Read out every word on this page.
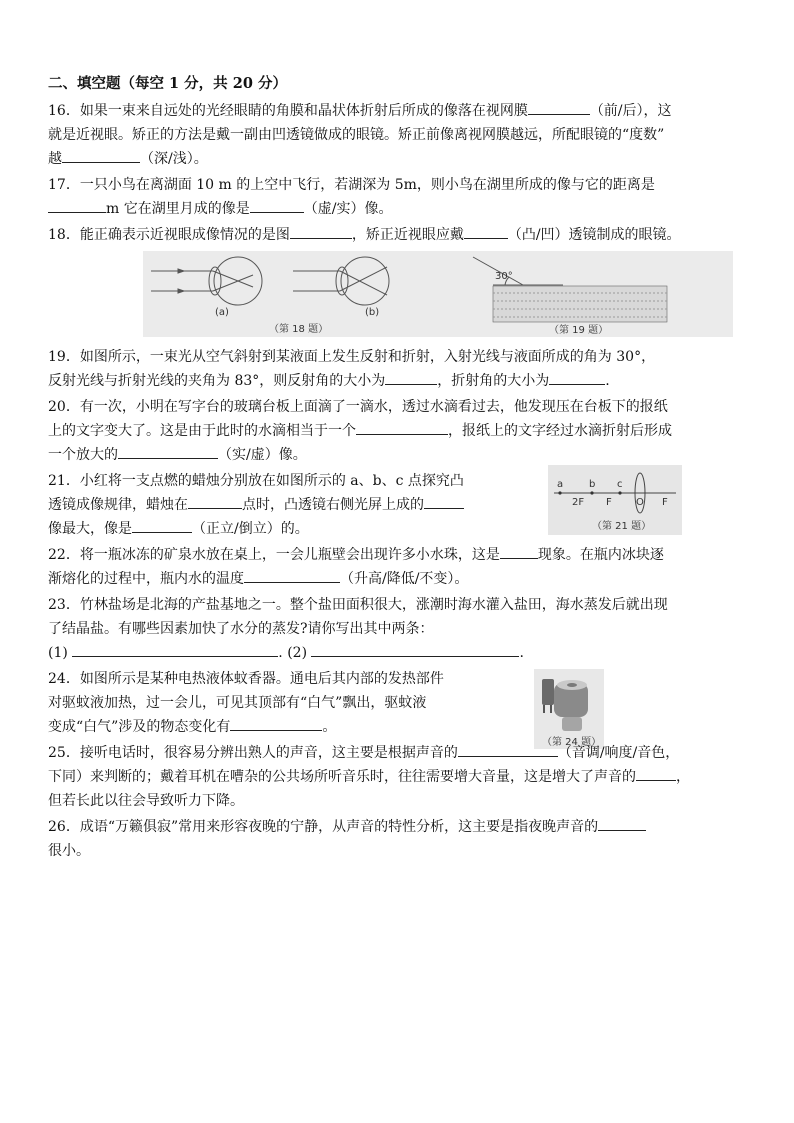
二、填空题（每空 1 分，共 20 分）
16．如果一束来自远处的光经眼睛的角膜和晶状体折射后所成的像落在视网膜	（前/后），这
就是近视眼。矫正的方法是戴一副由凹透镜做成的眼镜。矫正前像离视网膜越远，所配眼镜的“度数”
越	（深/浅）。
17．一只小鸟在离湖面 10 m 的上空中飞行，若湖深为 5m，则小鸟在湖里所成的像与它的距离是
m 它在湖里月成的像是	（虚/实）像。
18．能正确表示近视眼成像情况的是图	，矫正近视眼应戴	（凸/凹）透镜制成的眼镜。
(a)	(b)
（第 18 题）
30°
（第 19 题）
19．如图所示，一束光从空气斜射到某液面上发生反射和折射，入射光线与液面所成的角为 30°，
反射光线与折射光线的夹角为 83°，则反射角的大小为	，折射角的大小为	.
20．有一次，小明在写字台的玻璃台板上面滴了一滴水，透过水滴看过去，他发现压在台板下的报纸
上的文字变大了。这是由于此时的水滴相当于一个	，报纸上的文字经过水滴折射后形成
一个放大的	（实/虚）像。
21．小红将一支点燃的蜡烛分别放在如图所示的 a、b、c 点探究凸
透镜成像规律，蜡烛在	点时，凸透镜右侧光屏上成的
像最大，像是	（正立/倒立）的。
a	b c
2F F O F
（第 21 题）
22．将一瓶冰冻的矿泉水放在桌上，一会儿瓶壁会出现许多小水珠，这是	现象。在瓶内冰块逐
渐熔化的过程中，瓶内水的温度	（升高/降低/不变）。
23．竹林盐场是北海的产盐基地之一。整个盐田面积很大，涨潮时海水灌入盐田，海水蒸发后就出现
了结晶盐。有哪些因素加快了水分的蒸发?请你写出其中两条：
(1)	. (2)	.
24．如图所示是某种电热液体蚊香器。通电后其内部的发热部件
对驱蚊液加热，过一会儿，可见其顶部有“白气”飘出，驱蚊液
变成“白气”涉及的物态变化有	。
（第 24 题）
25．接听电话时，很容易分辨出熟人的声音，这主要是根据声音的	（音调/响度/音色，
下同）来判断的；戴着耳机在嘈杂的公共场所听音乐时，往往需要增大音量，这是增大了声音的	，
但若长此以往会导致听力下降。
26．成语“万籁俱寂”常用来形容夜晚的宁静，从声音的特性分析，这主要是指夜晚声音的
很小。
